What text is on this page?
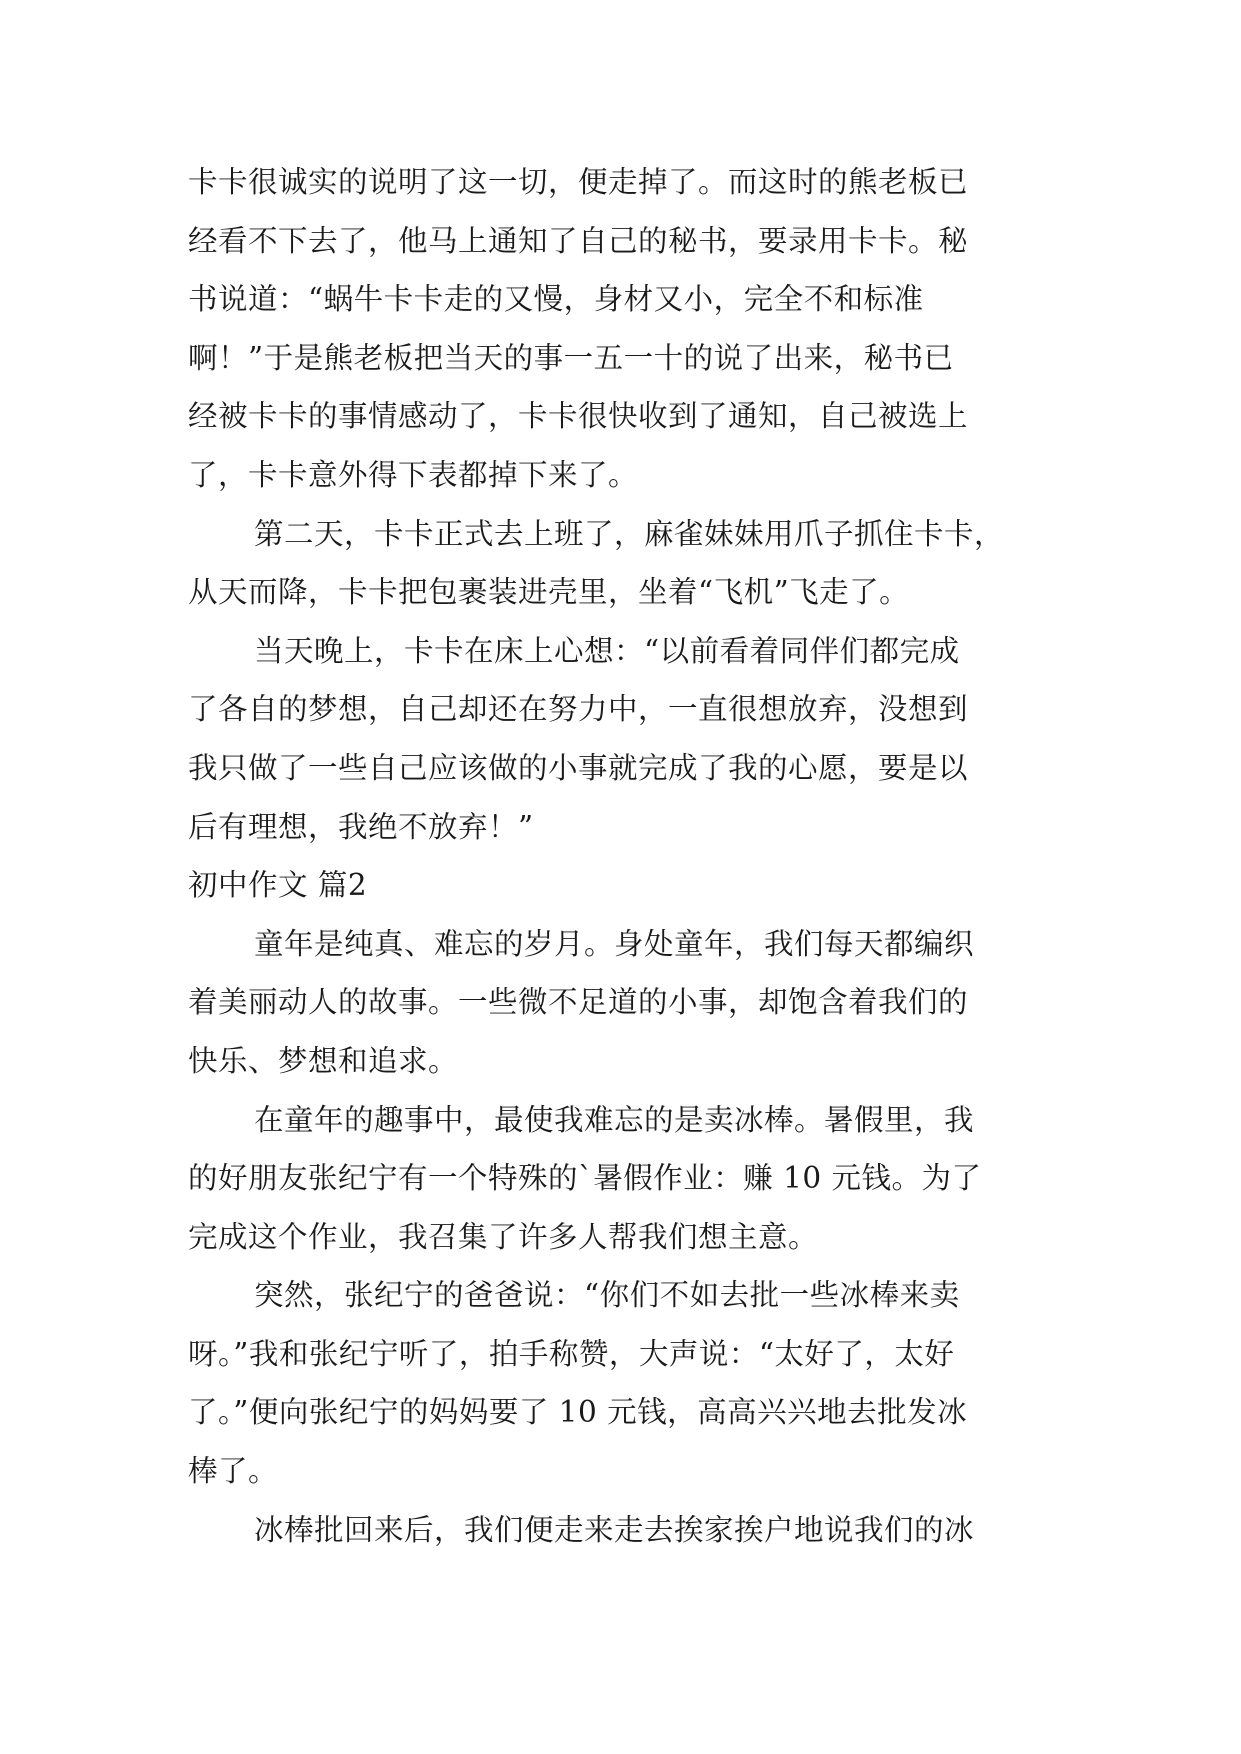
卡卡很诚实的说明了这一切，便走掉了。而这时的熊老板已
经看不下去了，他马上通知了自己的秘书，要录用卡卡。秘
书说道：“蜗牛卡卡走的又慢，身材又小，完全不和标准
啊！”于是熊老板把当天的事一五一十的说了出来，秘书已
经被卡卡的事情感动了，卡卡很快收到了通知，自己被选上
了，卡卡意外得下表都掉下来了。
第二天，卡卡正式去上班了，麻雀妹妹用爪子抓住卡卡，
从天而降，卡卡把包裹装进壳里，坐着“飞机”飞走了。
当天晚上，卡卡在床上心想：“以前看着同伴们都完成
了各自的梦想，自己却还在努力中，一直很想放弃，没想到
我只做了一些自己应该做的小事就完成了我的心愿，要是以
后有理想，我绝不放弃！”
初中作文 篇2
童年是纯真、难忘的岁月。身处童年，我们每天都编织
着美丽动人的故事。一些微不足道的小事，却饱含着我们的
快乐、梦想和追求。
在童年的趣事中，最使我难忘的是卖冰棒。暑假里，我
的好朋友张纪宁有一个特殊的`暑假作业：赚 10 元钱。为了
完成这个作业，我召集了许多人帮我们想主意。
突然，张纪宁的爸爸说：“你们不如去批一些冰棒来卖
呀。”我和张纪宁听了，拍手称赞，大声说：“太好了，太好
了。”便向张纪宁的妈妈要了 10 元钱，高高兴兴地去批发冰
棒了。
冰棒批回来后，我们便走来走去挨家挨户地说我们的冰
